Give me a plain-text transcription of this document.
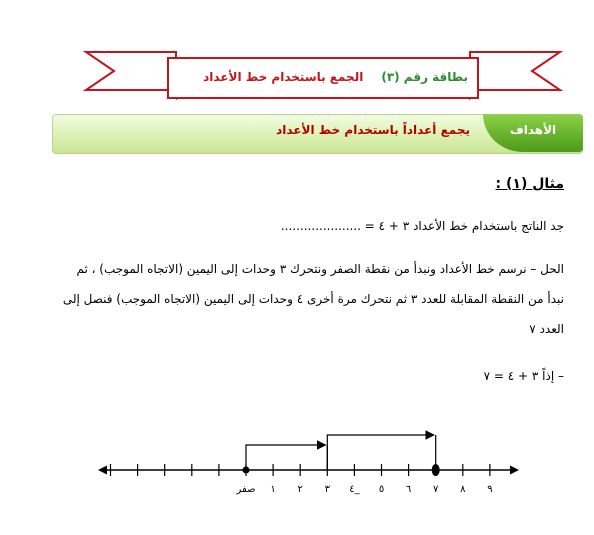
بطاقة رقم (٣)الجمع باستخدام خط الأعداد
الأهداف
يجمع أعداداً باستخدام خط الأعداد
مثال (١) :
جد الناتج باستخدام خط الأعداد ٣ + ٤ = .....................
الحل – نرسم خط الأعداد ونبدأ من نقطة الصفر ونتحرك ٣ وحدات إلى اليمين (الاتجاه الموجب) ، ثم
نبدأ من النقطة المقابلة للعدد ٣ ثم نتحرك مرة أخرى ٤ وحدات إلى اليمين (الاتجاه الموجب) فنصل إلى
العدد ٧
– إذاً ٣ + ٤ = ٧
صفر ١ ٢ ٣ ٤_ ٥ ٦ ٧ ٨ ٩
